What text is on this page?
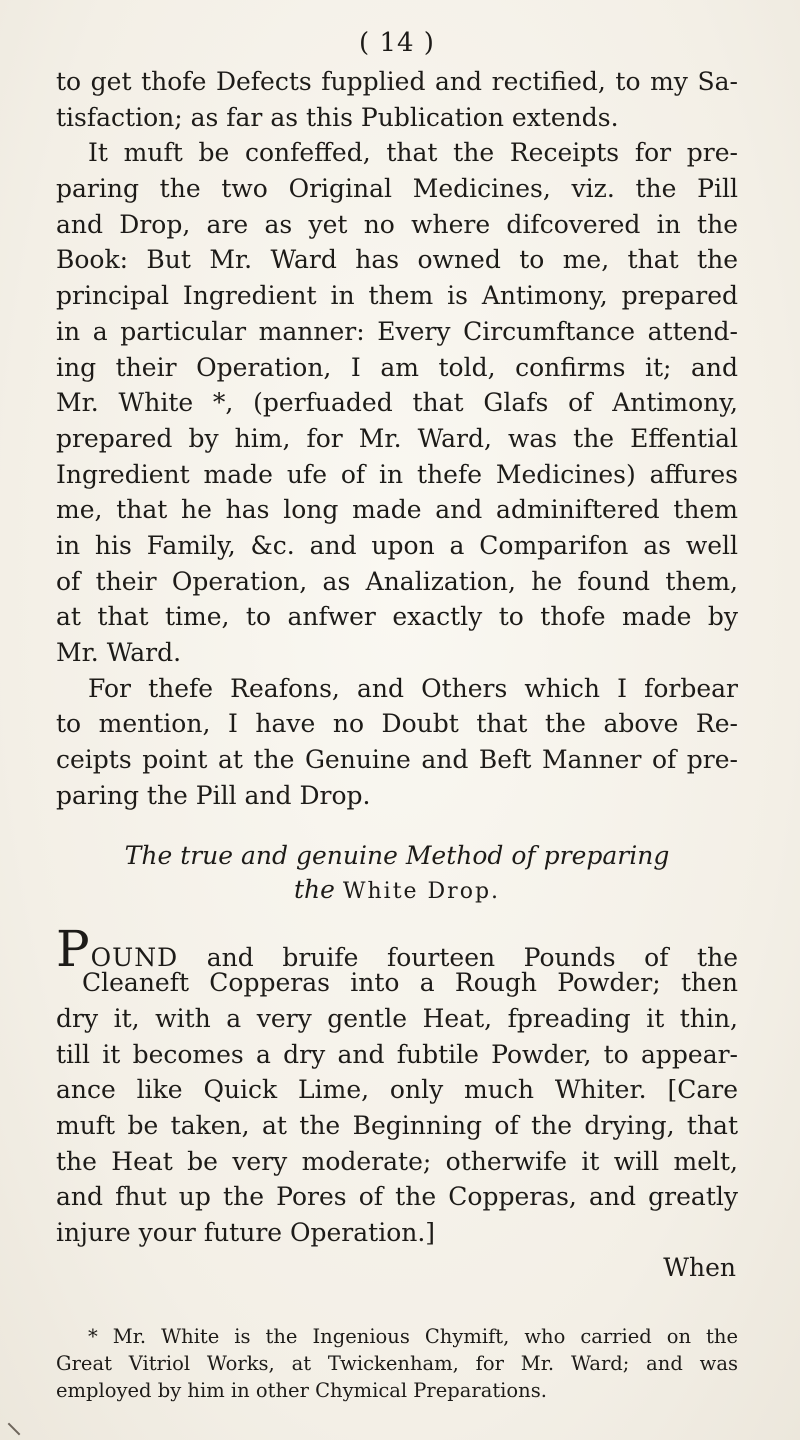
( 14 )
to get thofe Defects fupplied and rectified, to my Sa-
tisfaction; as far as this Publication extends.
It muft be confeffed, that the Receipts for pre-
paring the two Original Medicines, viz. the Pill
and Drop, are as yet no where difcovered in the
Book: But Mr. Ward has owned to me, that the
principal Ingredient in them is Antimony, prepared
in a particular manner: Every Circumftance attend-
ing their Operation, I am told, confirms it; and
Mr. White *, (perfuaded that Glafs of Antimony,
prepared by him, for Mr. Ward, was the Effential
Ingredient made ufe of in thefe Medicines) affures
me, that he has long made and adminiftered them
in his Family, &c. and upon a Comparifon as well
of their Operation, as Analization, he found them,
at that time, to anfwer exactly to thofe made by
Mr. Ward.
For thefe Reafons, and Others which I forbear
to mention, I have no Doubt that the above Re-
ceipts point at the Genuine and Beft Manner of pre-
paring the Pill and Drop.
The true and genuine Method of preparing
the White Drop.
POUND and bruife fourteen Pounds of the
Cleaneft Copperas into a Rough Powder; then
dry it, with a very gentle Heat, fpreading it thin,
till it becomes a dry and fubtile Powder, to appear-
ance like Quick Lime, only much Whiter. [Care
muft be taken, at the Beginning of the drying, that
the Heat be very moderate; otherwife it will melt,
and fhut up the Pores of the Copperas, and greatly
injure your future Operation.]
When
* Mr. White is the Ingenious Chymift, who carried on the
Great Vitriol Works, at Twickenham, for Mr. Ward; and was
employed by him in other Chymical Preparations.
